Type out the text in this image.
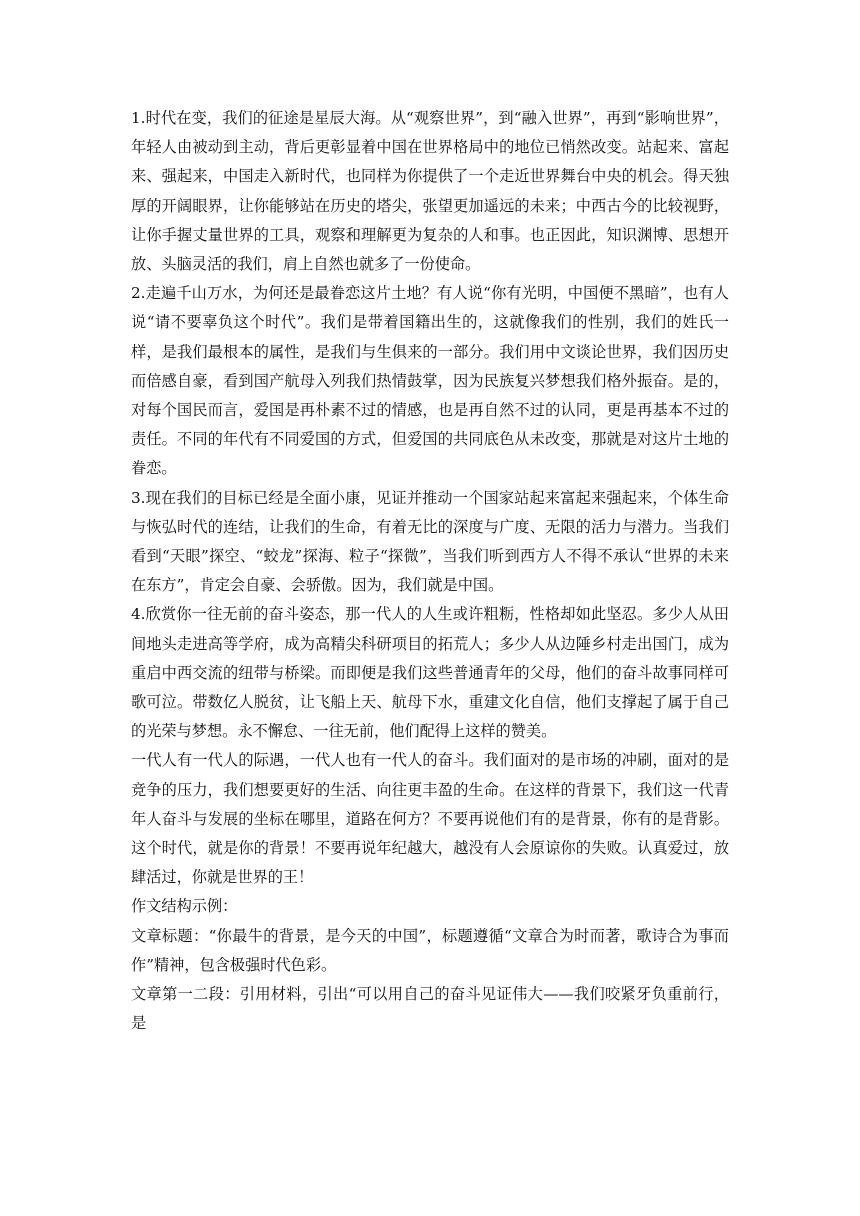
1.时代在变，我们的征途是星辰大海。从“观察世界”，到“融入世界”，再到“影响世界”，年轻人由被动到主动，背后更彰显着中国在世界格局中的地位已悄然改变。站起来、富起来、强起来，中国走入新时代，也同样为你提供了一个走近世界舞台中央的机会。得天独厚的开阔眼界，让你能够站在历史的塔尖，张望更加遥远的未来；中西古今的比较视野，让你手握丈量世界的工具，观察和理解更为复杂的人和事。也正因此，知识渊博、思想开放、头脑灵活的我们，肩上自然也就多了一份使命。

2.走遍千山万水，为何还是最眷恋这片土地？有人说“你有光明，中国便不黑暗”，也有人说“请不要辜负这个时代”。我们是带着国籍出生的，这就像我们的性别，我们的姓氏一样，是我们最根本的属性，是我们与生俱来的一部分。我们用中文谈论世界，我们因历史而倍感自豪，看到国产航母入列我们热情鼓掌，因为民族复兴梦想我们格外振奋。是的，对每个国民而言，爱国是再朴素不过的情感，也是再自然不过的认同，更是再基本不过的责任。不同的年代有不同爱国的方式，但爱国的共同底色从未改变，那就是对这片土地的眷恋。

3.现在我们的目标已经是全面小康，见证并推动一个国家站起来富起来强起来，个体生命与恢弘时代的连结，让我们的生命，有着无比的深度与广度、无限的活力与潜力。当我们看到“天眼”探空、“蛟龙”探海、粒子“探微”，当我们听到西方人不得不承认“世界的未来在东方”，肯定会自豪、会骄傲。因为，我们就是中国。

4.欣赏你一往无前的奋斗姿态，那一代人的人生或许粗粝，性格却如此坚忍。多少人从田间地头走进高等学府，成为高精尖科研项目的拓荒人；多少人从边陲乡村走出国门，成为重启中西交流的纽带与桥梁。而即便是我们这些普通青年的父母，他们的奋斗故事同样可歌可泣。带数亿人脱贫，让飞船上天、航母下水，重建文化自信，他们支撑起了属于自己的光荣与梦想。永不懈怠、一往无前，他们配得上这样的赞美。

一代人有一代人的际遇，一代人也有一代人的奋斗。我们面对的是市场的冲刷，面对的是竞争的压力，我们想要更好的生活、向往更丰盈的生命。在这样的背景下，我们这一代青年人奋斗与发展的坐标在哪里，道路在何方？不要再说他们有的是背景，你有的是背影。这个时代，就是你的背景！不要再说年纪越大，越没有人会原谅你的失败。认真爱过，放肆活过，你就是世界的王！

作文结构示例：

文章标题：“你最牛的背景，是今天的中国”，标题遵循“文章合为时而著，歌诗合为事而作”精神，包含极强时代色彩。

文章第一二段：引用材料，引出“可以用自己的奋斗见证伟大——我们咬紧牙负重前行，是
